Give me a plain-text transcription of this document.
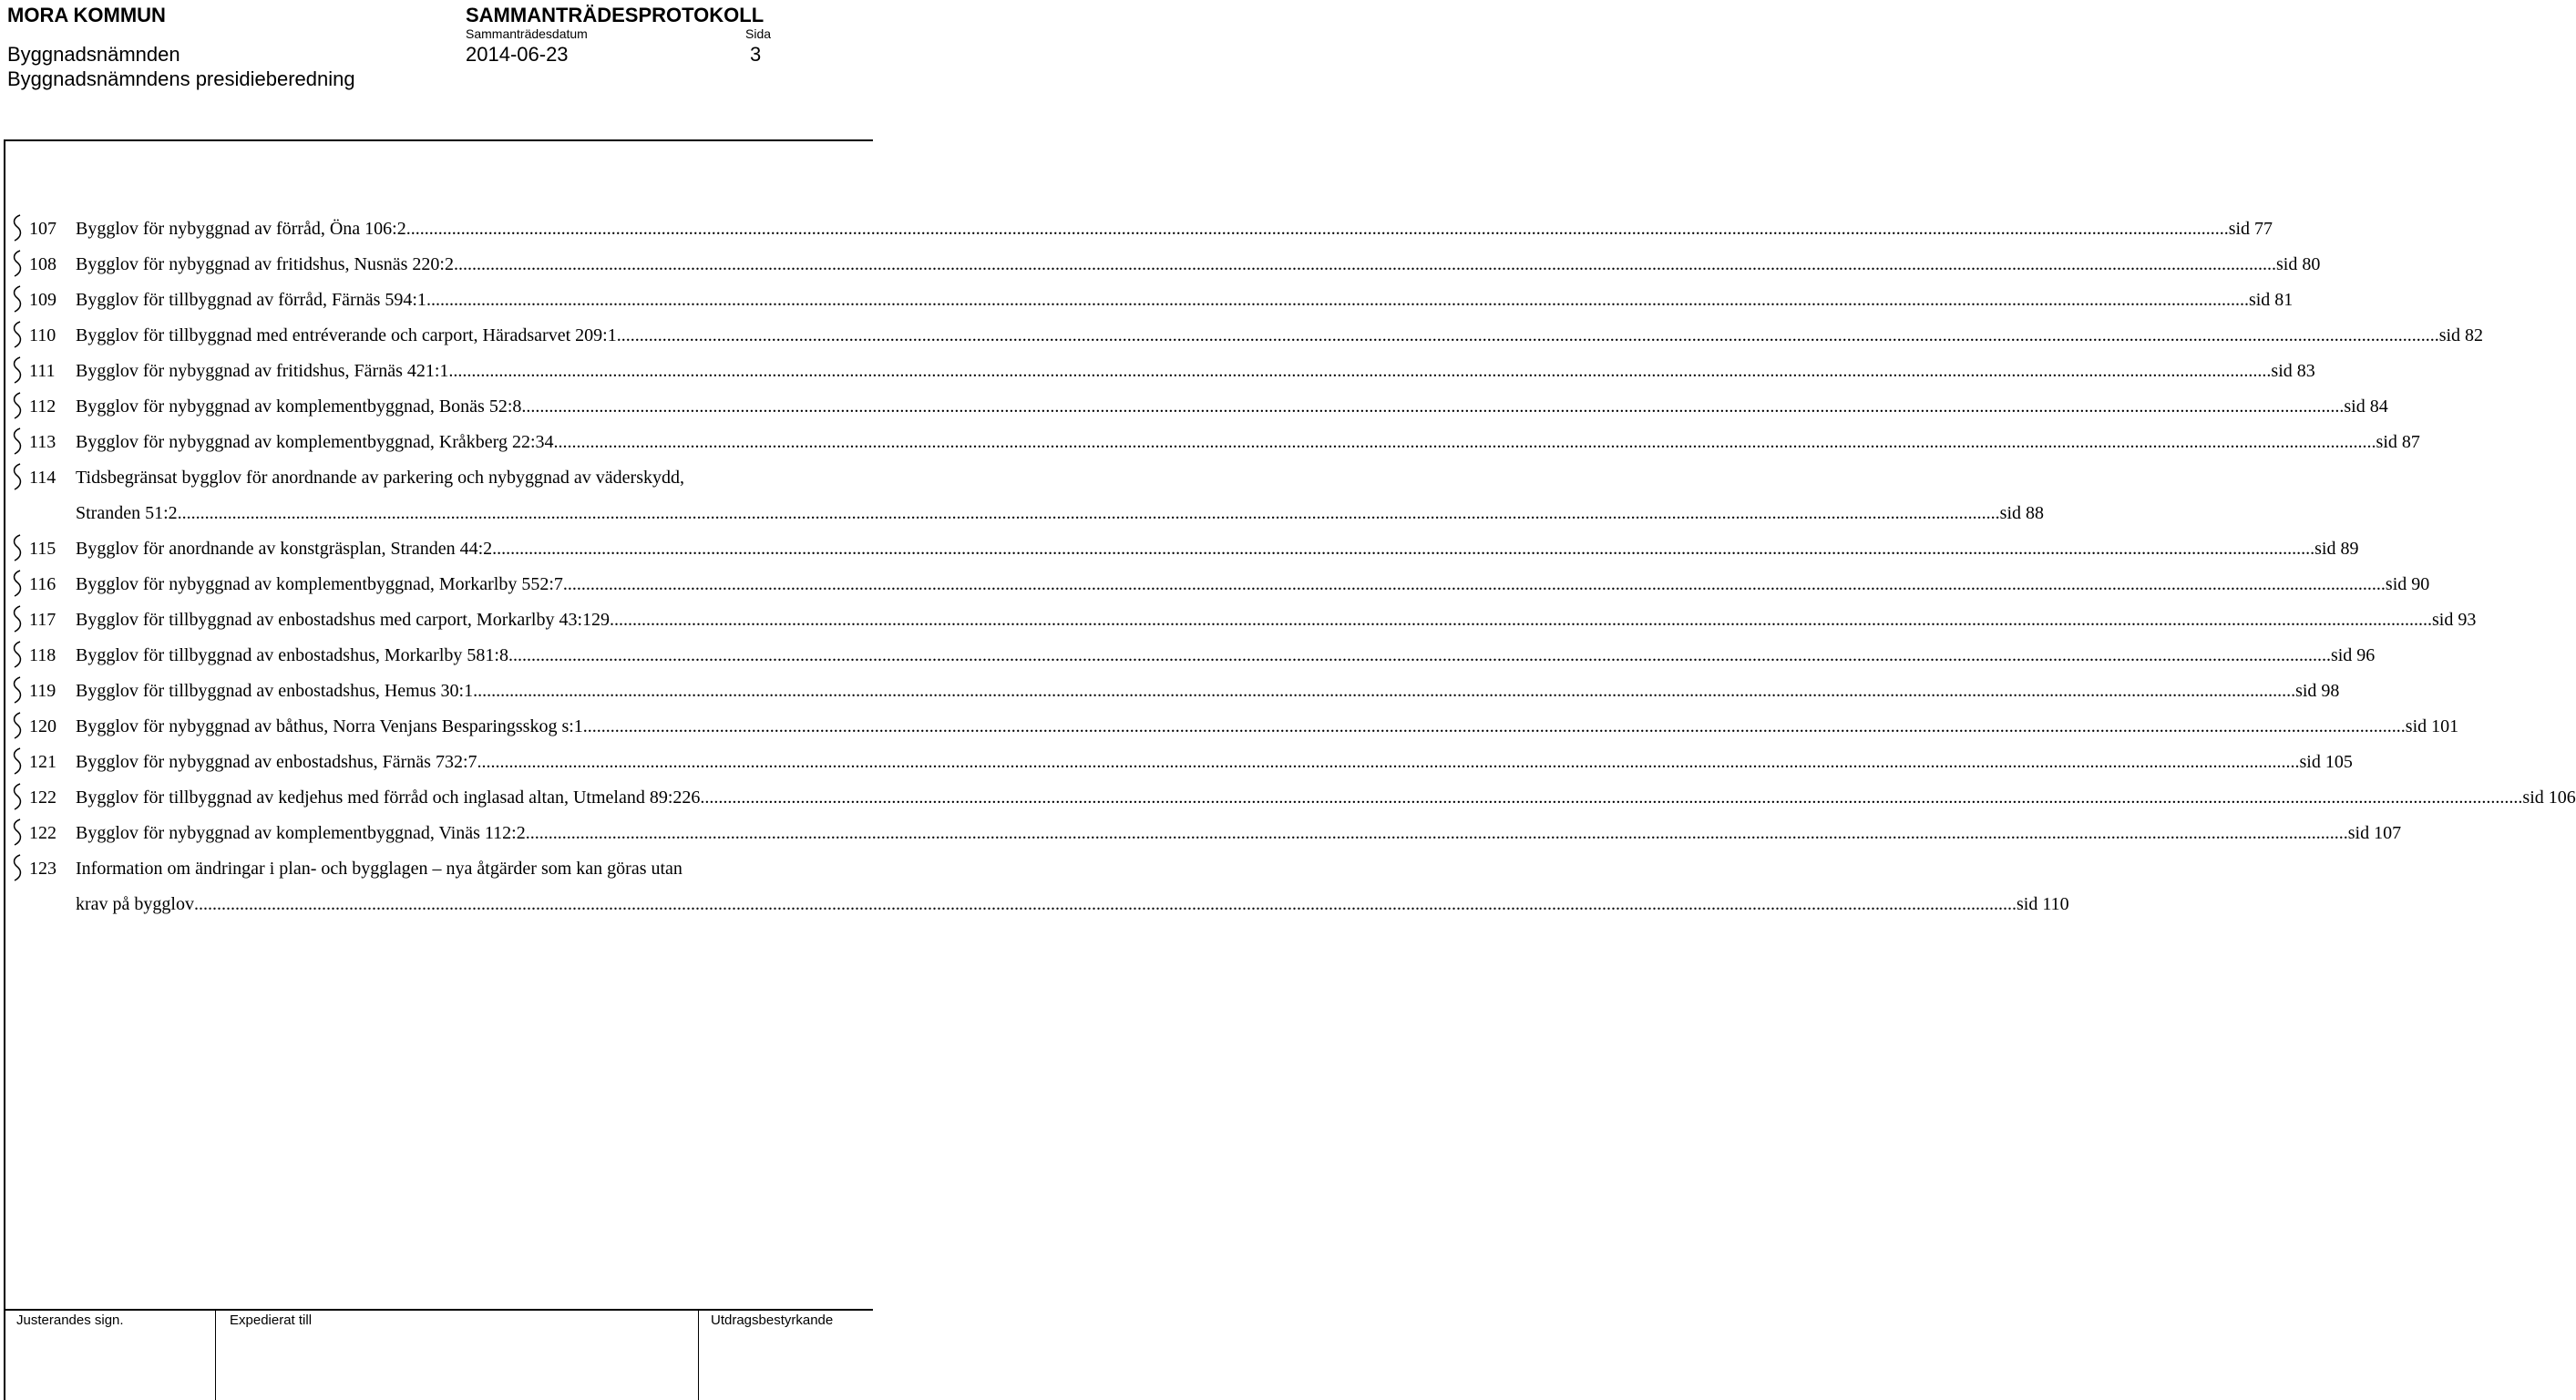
MORA KOMMUN	SAMMANTRÄDESPROTOKOLL
Sammanträdesdatum	Sida
Byggnadsnämnden	2014-06-23	3
Byggnadsnämndens presidieberedning
107 Bygglov för nybyggnad av förråd, Öna 106:2 ................................................................................................................................................................................................................................................................................................................................................................................................................ sid 77
108 Bygglov för nybyggnad av fritidshus, Nusnäs 220:2 ................................................................................................................................................................................................................................................................................................................................................................................................................ sid 80
109 Bygglov för tillbyggnad av förråd, Färnäs 594:1 ................................................................................................................................................................................................................................................................................................................................................................................................................ sid 81
110 Bygglov för tillbyggnad med entréverande och carport, Häradsarvet 209:1 ................................................................................................................................................................................................................................................................................................................................................................................................................ sid 82
111 Bygglov för nybyggnad av fritidshus, Färnäs 421:1 ................................................................................................................................................................................................................................................................................................................................................................................................................ sid 83
112 Bygglov för nybyggnad av komplementbyggnad, Bonäs 52:8 ................................................................................................................................................................................................................................................................................................................................................................................................................ sid 84
113 Bygglov för nybyggnad av komplementbyggnad, Kråkberg 22:34 ................................................................................................................................................................................................................................................................................................................................................................................................................ sid 87
114 Tidsbegränsat bygglov för anordnande av parkering och nybyggnad av väderskydd,
Stranden 51:2 ................................................................................................................................................................................................................................................................................................................................................................................................................ sid 88
115 Bygglov för anordnande av konstgräsplan, Stranden 44:2 ................................................................................................................................................................................................................................................................................................................................................................................................................ sid 89
116 Bygglov för nybyggnad av komplementbyggnad, Morkarlby 552:7 ................................................................................................................................................................................................................................................................................................................................................................................................................ sid 90
117 Bygglov för tillbyggnad av enbostadshus med carport, Morkarlby 43:129 ................................................................................................................................................................................................................................................................................................................................................................................................................ sid 93
118 Bygglov för tillbyggnad av enbostadshus, Morkarlby 581:8 ................................................................................................................................................................................................................................................................................................................................................................................................................ sid 96
119 Bygglov för tillbyggnad av enbostadshus, Hemus 30:1 ................................................................................................................................................................................................................................................................................................................................................................................................................ sid 98
120 Bygglov för nybyggnad av båthus, Norra Venjans Besparingsskog s:1 ................................................................................................................................................................................................................................................................................................................................................................................................................ sid 101
121 Bygglov för nybyggnad av enbostadshus, Färnäs 732:7 ................................................................................................................................................................................................................................................................................................................................................................................................................ sid 105
122 Bygglov för tillbyggnad av kedjehus med förråd och inglasad altan, Utmeland 89:226 ................................................................................................................................................................................................................................................................................................................................................................................................................ sid 106
122 Bygglov för nybyggnad av komplementbyggnad, Vinäs 112:2 ................................................................................................................................................................................................................................................................................................................................................................................................................ sid 107
123 Information om ändringar i plan- och bygglagen – nya åtgärder som kan göras utan
krav på bygglov ................................................................................................................................................................................................................................................................................................................................................................................................................ sid 110
Justerandes sign.	Expedierat till	Utdragsbestyrkande
